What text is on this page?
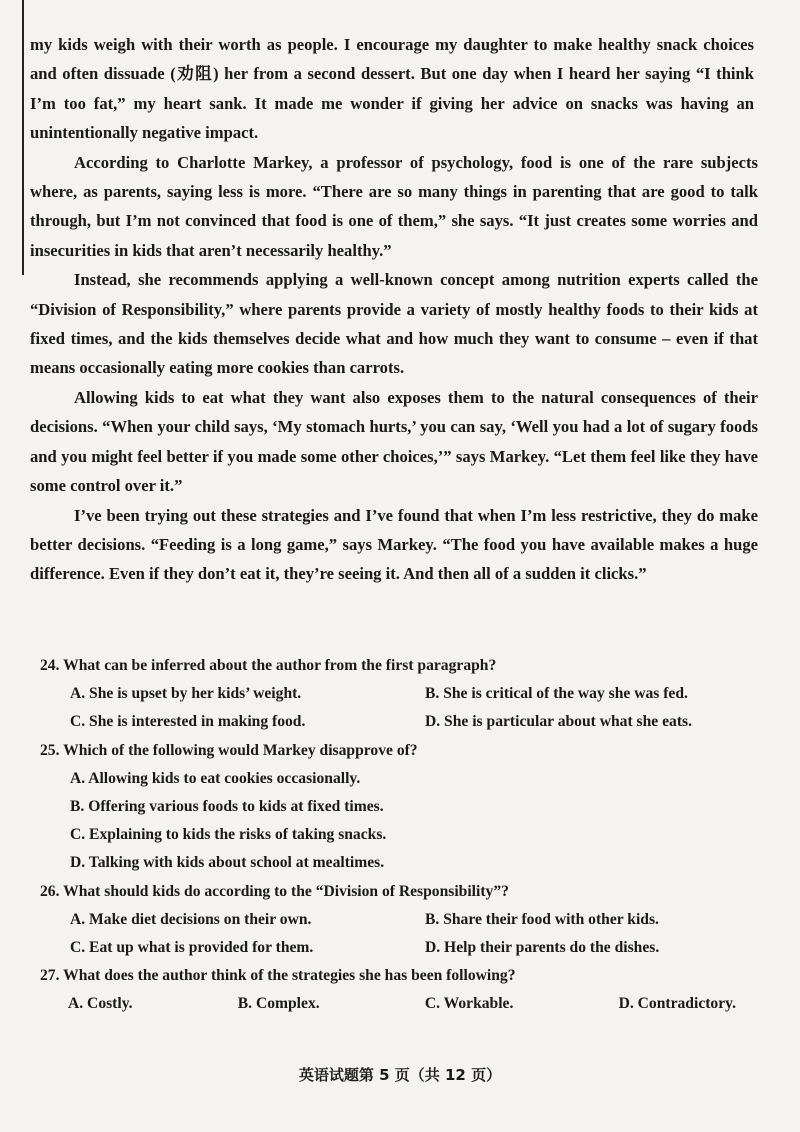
my kids weigh with their worth as people. I encourage my daughter to make healthy snack choices and often dissuade (劝阻) her from a second dessert. But one day when I heard her saying “I think I’m too fat,” my heart sank. It made me wonder if giving her advice on snacks was having an unintentionally negative impact.

According to Charlotte Markey, a professor of psychology, food is one of the rare subjects where, as parents, saying less is more. “There are so many things in parenting that are good to talk through, but I’m not convinced that food is one of them,” she says. “It just creates some worries and insecurities in kids that aren’t necessarily healthy.”

Instead, she recommends applying a well-known concept among nutrition experts called the “Division of Responsibility,” where parents provide a variety of mostly healthy foods to their kids at fixed times, and the kids themselves decide what and how much they want to consume – even if that means occasionally eating more cookies than carrots.

Allowing kids to eat what they want also exposes them to the natural consequences of their decisions. “When your child says, ‘My stomach hurts,’ you can say, ‘Well you had a lot of sugary foods and you might feel better if you made some other choices,’” says Markey. “Let them feel like they have some control over it.”

I’ve been trying out these strategies and I’ve found that when I’m less restrictive, they do make better decisions. “Feeding is a long game,” says Markey. “The food you have available makes a huge difference. Even if they don’t eat it, they’re seeing it. And then all of a sudden it clicks.”

24. What can be inferred about the author from the first paragraph?

A. She is upset by her kids’ weight.	B. She is critical of the way she was fed.
C. She is interested in making food.	D. She is particular about what she eats.

25. Which of the following would Markey disapprove of?

A. Allowing kids to eat cookies occasionally.

B. Offering various foods to kids at fixed times.

C. Explaining to kids the risks of taking snacks.

D. Talking with kids about school at mealtimes.

26. What should kids do according to the “Division of Responsibility”?

A. Make diet decisions on their own.	B. Share their food with other kids.
C. Eat up what is provided for them.	D. Help their parents do the dishes.

27. What does the author think of the strategies she has been following?

A. Costly.	B. Complex.	C. Workable.	D. Contradictory.
英语试题第 5 页（共 12 页）
